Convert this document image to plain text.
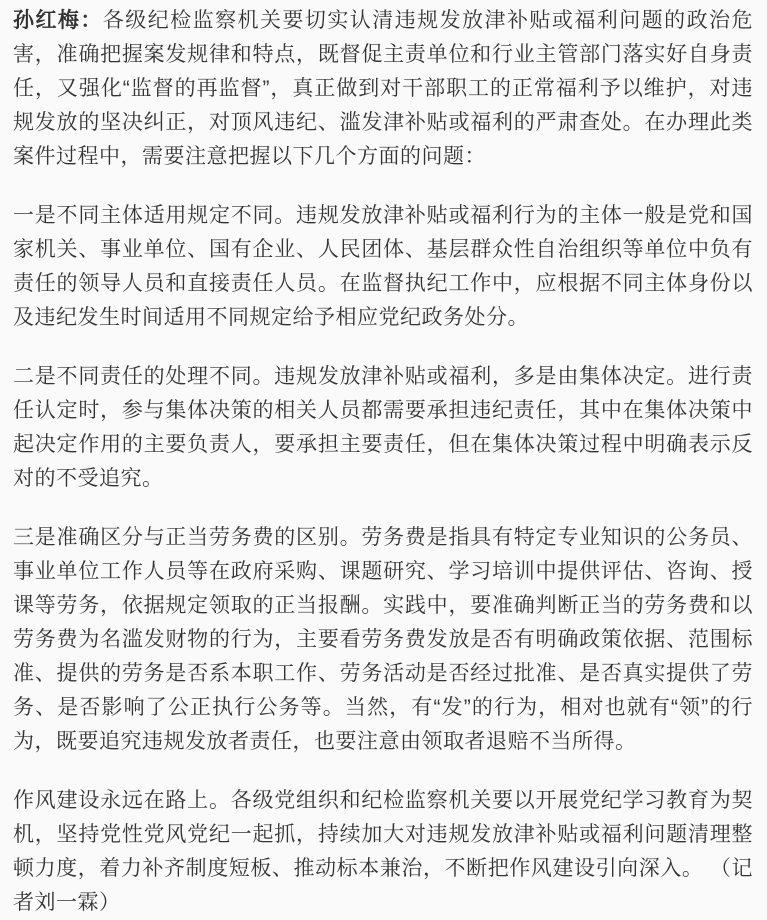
孙红梅：各级纪检监察机关要切实认清违规发放津补贴或福利问题的政治危害，准确把握案发规律和特点，既督促主责单位和行业主管部门落实好自身责任，又强化“监督的再监督”，真正做到对干部职工的正常福利予以维护，对违规发放的坚决纠正，对顶风违纪、滥发津补贴或福利的严肃查处。在办理此类案件过程中，需要注意把握以下几个方面的问题：

一是不同主体适用规定不同。违规发放津补贴或福利行为的主体一般是党和国家机关、事业单位、国有企业、人民团体、基层群众性自治组织等单位中负有责任的领导人员和直接责任人员。在监督执纪工作中，应根据不同主体身份以及违纪发生时间适用不同规定给予相应党纪政务处分。

二是不同责任的处理不同。违规发放津补贴或福利，多是由集体决定。进行责任认定时，参与集体决策的相关人员都需要承担违纪责任，其中在集体决策中起决定作用的主要负责人，要承担主要责任，但在集体决策过程中明确表示反对的不受追究。

三是准确区分与正当劳务费的区别。劳务费是指具有特定专业知识的公务员、事业单位工作人员等在政府采购、课题研究、学习培训中提供评估、咨询、授课等劳务，依据规定领取的正当报酬。实践中，要准确判断正当的劳务费和以劳务费为名滥发财物的行为，主要看劳务费发放是否有明确政策依据、范围标准、提供的劳务是否系本职工作、劳务活动是否经过批准、是否真实提供了劳务、是否影响了公正执行公务等。当然，有“发”的行为，相对也就有“领”的行为，既要追究违规发放者责任，也要注意由领取者退赔不当所得。

作风建设永远在路上。各级党组织和纪检监察机关要以开展党纪学习教育为契机，坚持党性党风党纪一起抓，持续加大对违规发放津补贴或福利问题清理整顿力度，着力补齐制度短板、推动标本兼治，不断把作风建设引向深入。 （记者刘一霖）
